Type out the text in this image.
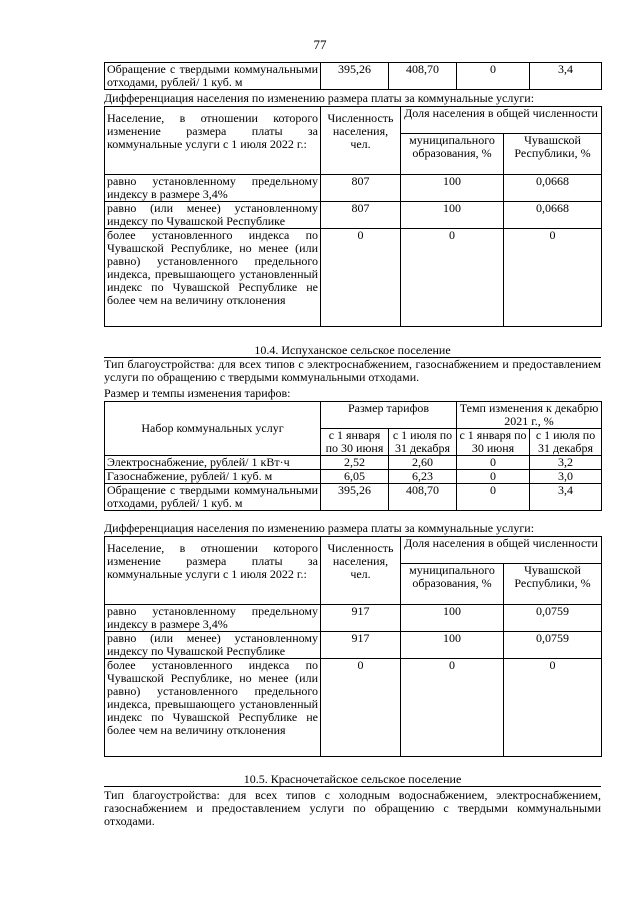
77
Обращение с твердыми коммунальными отходами, рублей/ 1 куб. м	395,26	408,70	0	3,4
Дифференциация населения по изменению размера платы за коммунальные услуги:
Население, в отношении которого изменение размера платы за коммунальные услуги с 1 июля 2022 г.:	Численность населения, чел.	Доля населения в общей численности	
		муниципального образования, %	Чувашской Республики, %
равно установленному предельному индексу в размере 3,4%	807	100	0,0668
равно (или менее) установленному индексу по Чувашской Республике	807	100	0,0668
более установленного индекса по Чувашской Республике, но менее (или равно) установленного предельного индекса, превышающего установленный индекс по Чувашской Республике не более чем на величину отклонения	0	0	0
10.4. Испуханское сельское поселение
Тип благоустройства: для всех типов с электроснабжением, газоснабжением и предоставлением услуги по обращению с твердыми коммунальными отходами.
Размер и темпы изменения тарифов:
Набор коммунальных услуг	Размер тарифов		Темп изменения к декабрю 2021 г., %	
	с 1 января по 30 июня	с 1 июля по 31 декабря	с 1 января по 30 июня	с 1 июля по 31 декабря
Электроснабжение, рублей/ 1 кВт·ч	2,52	2,60	0	3,2
Газоснабжение, рублей/ 1 куб. м	6,05	6,23	0	3,0
Обращение с твердыми коммунальными отходами, рублей/ 1 куб. м	395,26	408,70	0	3,4
Дифференциация населения по изменению размера платы за коммунальные услуги:
Население, в отношении которого изменение размера платы за коммунальные услуги с 1 июля 2022 г.:	Численность населения, чел.	Доля населения в общей численности	
		муниципального образования, %	Чувашской Республики, %
равно установленному предельному индексу в размере 3,4%	917	100	0,0759
равно (или менее) установленному индексу по Чувашской Республике	917	100	0,0759
более установленного индекса по Чувашской Республике, но менее (или равно) установленного предельного индекса, превышающего установленный индекс по Чувашской Республике не более чем на величину отклонения	0	0	0
10.5. Красночетайское сельское поселение
Тип благоустройства: для всех типов с холодным водоснабжением, электроснабжением, газоснабжением и предоставлением услуги по обращению с твердыми коммунальными отходами.
